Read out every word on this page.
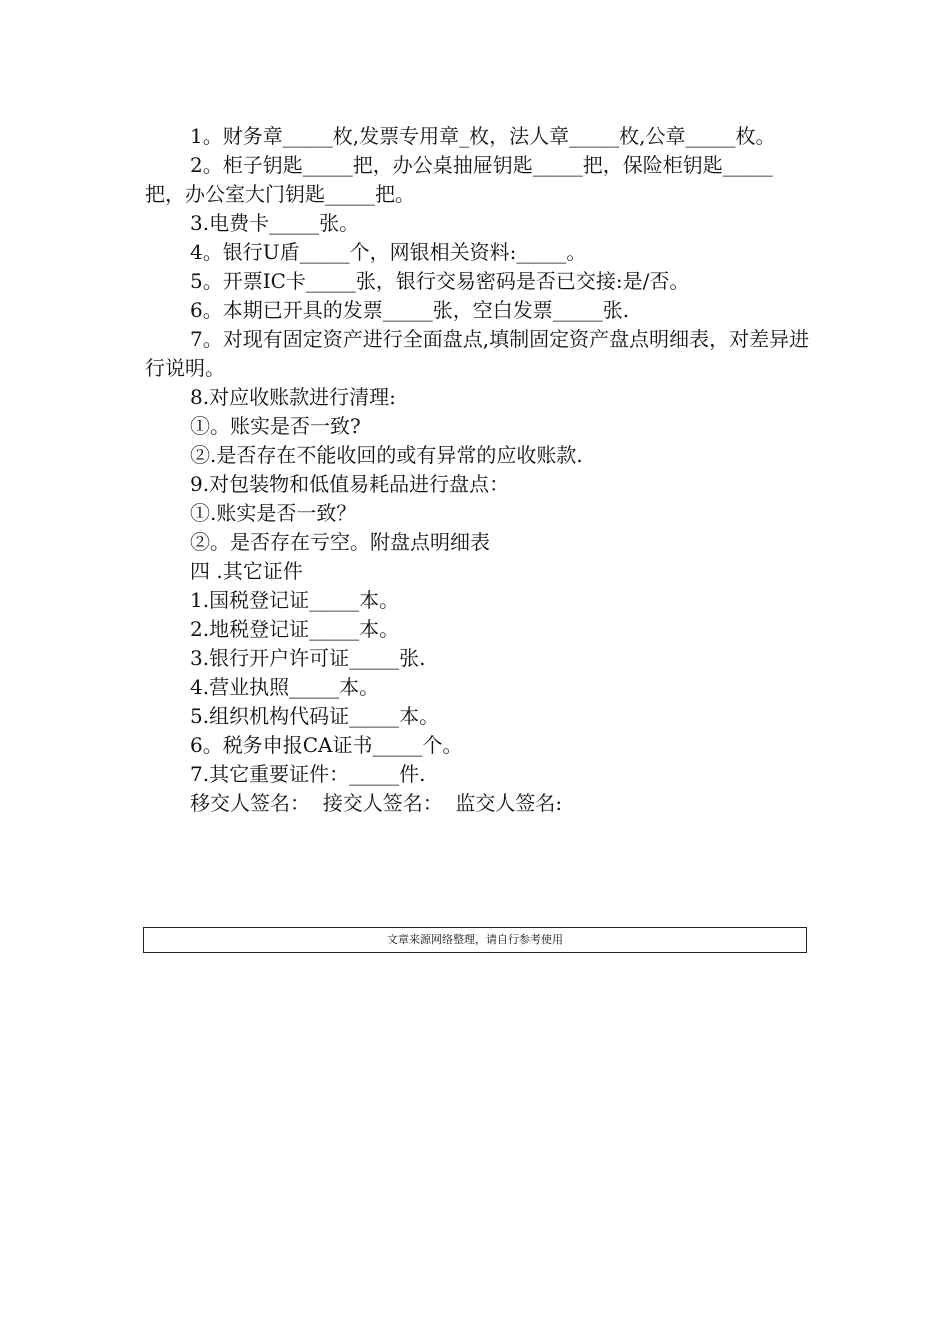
1。财务章_____枚,发票专用章_枚，法人章_____枚,公章_____枚。
2。柜子钥匙_____把，办公桌抽屉钥匙_____把，保险柜钥匙_____把，办公室大门钥匙_____把。
3.电费卡_____张。
4。银行U盾_____个，网银相关资料:_____。
5。开票IC卡_____张，银行交易密码是否已交接:是/否。
6。本期已开具的发票_____张，空白发票_____张.
7。对现有固定资产进行全面盘点,填制固定资产盘点明细表，对差异进行说明。
8.对应收账款进行清理:
①。账实是否一致?
②.是否存在不能收回的或有异常的应收账款.
9.对包装物和低值易耗品进行盘点：
①.账实是否一致？
②。是否存在亏空。附盘点明细表
四 .其它证件
1.国税登记证_____本。
2.地税登记证_____本。
3.银行开户许可证_____张.
4.营业执照_____本。
5.组织机构代码证_____本。
6。税务申报CA证书_____个。
7.其它重要证件：_____件.
移交人签名：  接交人签名：  监交人签名:
文章来源网络整理，请自行参考使用
